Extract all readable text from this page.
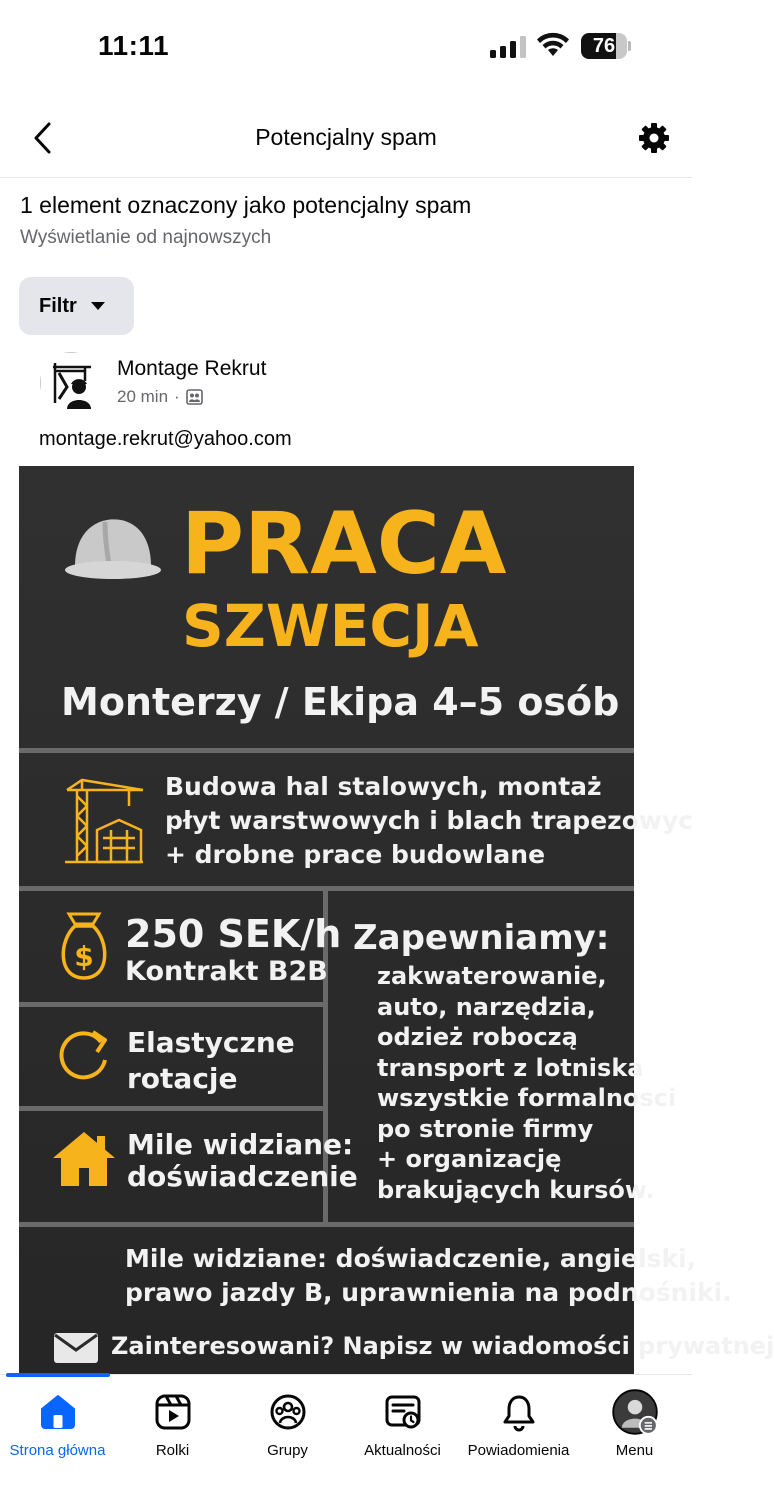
11:11	76
Potencjalny spam
1 element oznaczony jako potencjalny spam
Wyświetlanie od najnowszych
Filtr
Montage Rekrut
20 min ·
montage.rekrut@yahoo.com
PRACA
SZWECJA
Monterzy / Ekipa 4–5 osób
Budowa hal stalowych, montaż
płyt warstwowych i blach trapezowyc
+ drobne prace budowlane
$
250 SEK/h
Kontrakt B2B
Elastyczne
rotacje
Mile widziane:
doświadczenie
Zapewniamy:
zakwaterowanie,
auto, narzędzia,
odzież roboczą
transport z lotniska
wszystkie formalnosci
po stronie firmy
+ organizację
brakujących kursów.
Mile widziane: doświadczenie, angielski,
prawo jazdy B, uprawnienia na podnośniki.
Zainteresowani? Napisz w wiadomości prywatnej
Strona główna	Rolki	Grupy	Aktualności	Powiadomienia	Menu
